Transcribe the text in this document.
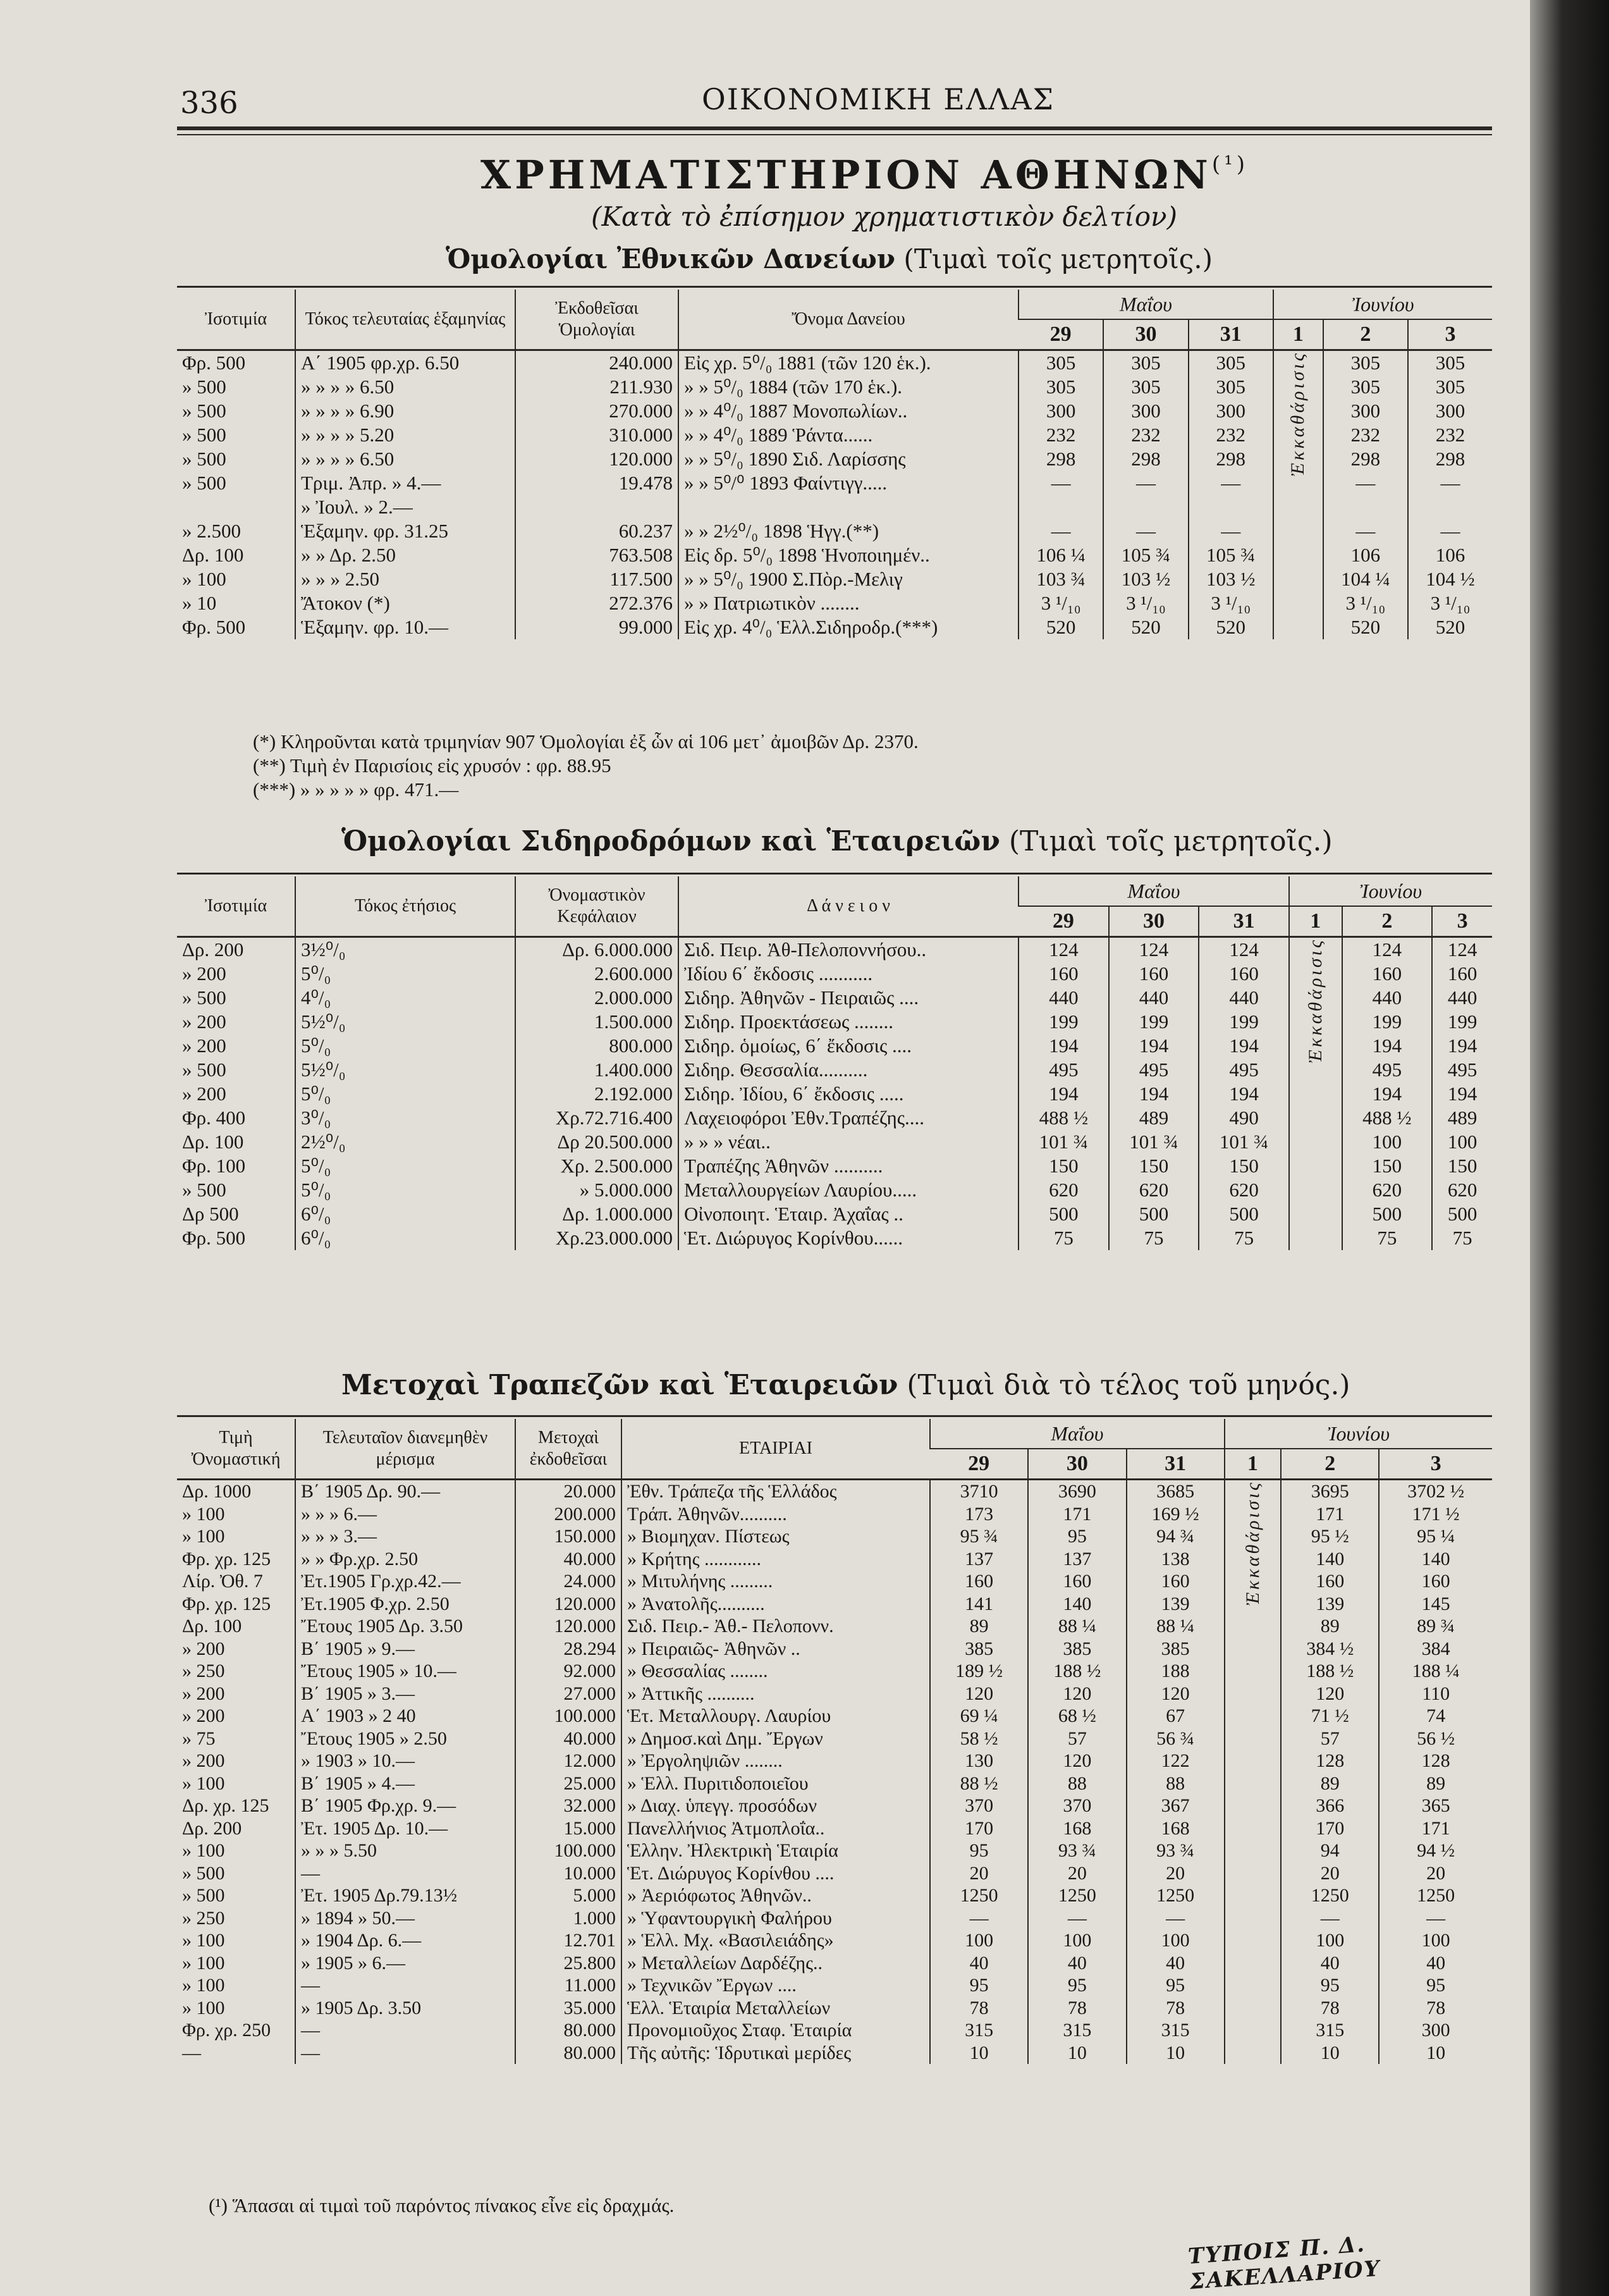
336	ΟΙΚΟΝΟΜΙΚΗ ΕΛΛΑΣ
ΧΡΗΜΑΤΙΣΤΗΡΙΟΝ $A\Theta HN\Omega N^{(^1)}$
(Κατὰ τὸ ἐπίσημον χρηματιστικὸν δελτίον)
Ὁμολογίαι Ἐθνικῶν Δανείων (Τιμαὶ τοῖς μετρητοῖς.)
Ἰσοτιμία	Τόκος τελευταίας ἑξαμηνίας	Ἐκδοθεῖσαι Ὁμολογίαι	Ὄνομα Δανείου	Μαΐου			Ἰουνίου		
				29	30	31	1	2	3
Φρ. 500	Α΄ 1905 φρ.χρ. 6.50	240.000	Εἰς χρ. 5⁰/₀ 1881 (τῶν 120 ἑκ.).	305	305	305	Ἐκκαθάρισις	305	305
» 500	» » » » 6.50	211.930	» » 5⁰/₀ 1884 (τῶν 170 ἑκ.).	305	305	305		305	305
» 500	» » » » 6.90	270.000	» » 4⁰/₀ 1887 Μονοπωλίων..	300	300	300		300	300
» 500	» » » » 5.20	310.000	» » 4⁰/₀ 1889 Ῥάντα......	232	232	232		232	232
» 500	» » » » 6.50	120.000	» » 5⁰/₀ 1890 Σιδ. Λαρίσσης	298	298	298		298	298
» 500	Τριμ. Ἀπρ. » 4.—	19.478	» » 5⁰/⁰ 1893 Φαίντιγγ.....	—	—	—		—	—
	» Ἰουλ. » 2.—								
» 2.500	Ἑξαμην. φρ. 31.25	60.237	» » 2½⁰/₀ 1898 Ἡγγ.(**)	—	—	—		—	—
Δρ. 100	» » Δρ. 2.50	763.508	Εἰς δρ. 5⁰/₀ 1898 Ἡνοποιημέν..	106 ¼	105 ¾	105 ¾		106	106
» 100	» » » 2.50	117.500	» » 5⁰/₀ 1900 Σ.Πὸρ.-Μελιγ	103 ¾	103 ½	103 ½		104 ¼	104 ½
» 10	Ἄτοκον (*)	272.376	» » Πατριωτικὸν ........	3 ¹/₁₀	3 ¹/₁₀	3 ¹/₁₀		3 ¹/₁₀	3 ¹/₁₀
Φρ. 500	Ἑξαμην. φρ. 10.—	99.000	Εἰς χρ. 4⁰/₀ Ἑλλ.Σιδηροδρ.(***)	520	520	520		520	520
(*) Κληροῦνται κατὰ τριμηνίαν 907 Ὁμολογίαι ἐξ ὧν αἱ 106 μετ᾽ ἀμοιβῶν Δρ. 2370.
(**) Τιμὴ ἐν Παρισίοις εἰς χρυσόν : φρ. 88.95
(***) » » » » » φρ. 471.—
Ὁμολογίαι Σιδηροδρόμων καὶ Ἑταιρειῶν (Τιμαὶ τοῖς μετρητοῖς.)
Ἰσοτιμία	Τόκος ἐτήσιος	Ὀνομαστικὸν Κεφάλαιον	Δ ά ν ε ι ο ν	Μαΐου			Ἰουνίου		
				29	30	31	1	2	3
Δρ. 200	3½⁰/₀	Δρ. 6.000.000	Σιδ. Πειρ. Ἀθ-Πελοποννήσου..	124	124	124	Ἐκκαθάρισις	124	124
» 200	5⁰/₀	2.600.000	Ἰδίου 6΄ ἔκδοσις ...........	160	160	160		160	160
» 500	4⁰/₀	2.000.000	Σιδηρ. Ἀθηνῶν - Πειραιῶς ....	440	440	440		440	440
» 200	5½⁰/₀	1.500.000	Σιδηρ. Προεκτάσεως ........	199	199	199		199	199
» 200	5⁰/₀	800.000	Σιδηρ. ὁμοίως, 6΄ ἔκδοσις ....	194	194	194		194	194
» 500	5½⁰/₀	1.400.000	Σιδηρ. Θεσσαλία..........	495	495	495		495	495
» 200	5⁰/₀	2.192.000	Σιδηρ. Ἰδίου, 6΄ ἔκδοσις .....	194	194	194		194	194
Φρ. 400	3⁰/₀	Χρ.72.716.400	Λαχειοφόροι Ἐθν.Τραπέζης....	488 ½	489	490		488 ½	489
Δρ. 100	2½⁰/₀	Δρ 20.500.000	» » » νέαι..	101 ¾	101 ¾	101 ¾		100	100
Φρ. 100	5⁰/₀	Χρ. 2.500.000	Τραπέζης Ἀθηνῶν ..........	150	150	150		150	150
» 500	5⁰/₀	» 5.000.000	Μεταλλουργείων Λαυρίου.....	620	620	620		620	620
Δρ 500	6⁰/₀	Δρ. 1.000.000	Οἰνοποιητ. Ἑταιρ. Ἀχαΐας ..	500	500	500		500	500
Φρ. 500	6⁰/₀	Χρ.23.000.000	Ἑτ. Διώρυγος Κορίνθου......	75	75	75		75	75
Μετοχαὶ Τραπεζῶν καὶ Ἑταιρειῶν (Τιμαὶ διὰ τὸ τέλος τοῦ μηνός.)
Τιμὴ Ὀνομαστική	Τελευταῖον διανεμηθὲν μέρισμα	Μετοχαὶ ἐκδοθεῖσαι	ΕΤΑΙΡΙΑΙ	Μαΐου			Ἰουνίου		
				29	30	31	1	2	3
Δρ. 1000	Β΄ 1905 Δρ. 90.—	20.000	Ἐθν. Τράπεζα τῆς Ἑλλάδος	3710	3690	3685	Ἐκκαθάρισις	3695	3702 ½
» 100	» » » 6.—	200.000	Τράπ. Ἀθηνῶν..........	173	171	169 ½		171	171 ½
» 100	» » » 3.—	150.000	» Βιομηχαν. Πίστεως	95 ¾	95	94 ¾		95 ½	95 ¼
Φρ. χρ. 125	» » Φρ.χρ. 2.50	40.000	» Κρήτης ............	137	137	138		140	140
Λίρ. Ὀθ. 7	Ἐτ.1905 Γρ.χρ.42.—	24.000	» Μιτυλήνης .........	160	160	160		160	160
Φρ. χρ. 125	Ἐτ.1905 Φ.χρ. 2.50	120.000	» Ἀνατολῆς..........	141	140	139		139	145
Δρ. 100	Ἔτους 1905 Δρ. 3.50	120.000	Σιδ. Πειρ.- Ἀθ.- Πελοπονν.	89	88 ¼	88 ¼		89	89 ¾
» 200	Β΄ 1905 » 9.—	28.294	» Πειραιῶς- Ἀθηνῶν ..	385	385	385		384 ½	384
» 250	Ἔτους 1905 » 10.—	92.000	» Θεσσαλίας ........	189 ½	188 ½	188		188 ½	188 ¼
» 200	Β΄ 1905 » 3.—	27.000	» Ἀττικῆς ..........	120	120	120		120	110
» 200	Α΄ 1903 » 2 40	100.000	Ἑτ. Μεταλλουργ. Λαυρίου	69 ¼	68 ½	67		71 ½	74
» 75	Ἔτους 1905 » 2.50	40.000	» Δημοσ.καὶ Δημ. Ἔργων	58 ½	57	56 ¾		57	56 ½
» 200	» 1903 » 10.—	12.000	» Ἐργοληψιῶν ........	130	120	122		128	128
» 100	Β΄ 1905 » 4.—	25.000	» Ἑλλ. Πυριτιδοποιεῖου	88 ½	88	88		89	89
Δρ. χρ. 125	Β΄ 1905 Φρ.χρ. 9.—	32.000	» Διαχ. ὑπεγγ. προσόδων	370	370	367		366	365
Δρ. 200	Ἐτ. 1905 Δρ. 10.—	15.000	Πανελλήνιος Ἀτμοπλοΐα..	170	168	168		170	171
» 100	» » » 5.50	100.000	Ἑλλην. Ἠλεκτρικὴ Ἑταιρία	95	93 ¾	93 ¾		94	94 ½
» 500	—	10.000	Ἑτ. Διώρυγος Κορίνθου ....	20	20	20		20	20
» 500	Ἐτ. 1905 Δρ.79.13½	5.000	» Ἀεριόφωτος Ἀθηνῶν..	1250	1250	1250		1250	1250
» 250	» 1894 » 50.—	1.000	» Ὑφαντουργικὴ Φαλήρου	—	—	—		—	—
» 100	» 1904 Δρ. 6.—	12.701	» Ἑλλ. Μχ. «Βασιλειάδης»	100	100	100		100	100
» 100	» 1905 » 6.—	25.800	» Μεταλλείων Δαρδέζης..	40	40	40		40	40
» 100	—	11.000	» Τεχνικῶν Ἔργων ....	95	95	95		95	95
» 100	» 1905 Δρ. 3.50	35.000	Ἑλλ. Ἑταιρία Μεταλλείων	78	78	78		78	78
Φρ. χρ. 250	—	80.000	Προνομιοῦχος Σταφ. Ἑταιρία	315	315	315		315	300
—	—	80.000	Τῆς αὐτῆς: Ἱδρυτικαὶ μερίδες	10	10	10		10	10
(¹) Ἅπασαι αἱ τιμαὶ τοῦ παρόντος πίνακος εἶνε εἰς δραχμάς.
ΤΥΠΟΙΣ Π. Δ. ΣΑΚΕΛΛΑΡΙΟΥ
